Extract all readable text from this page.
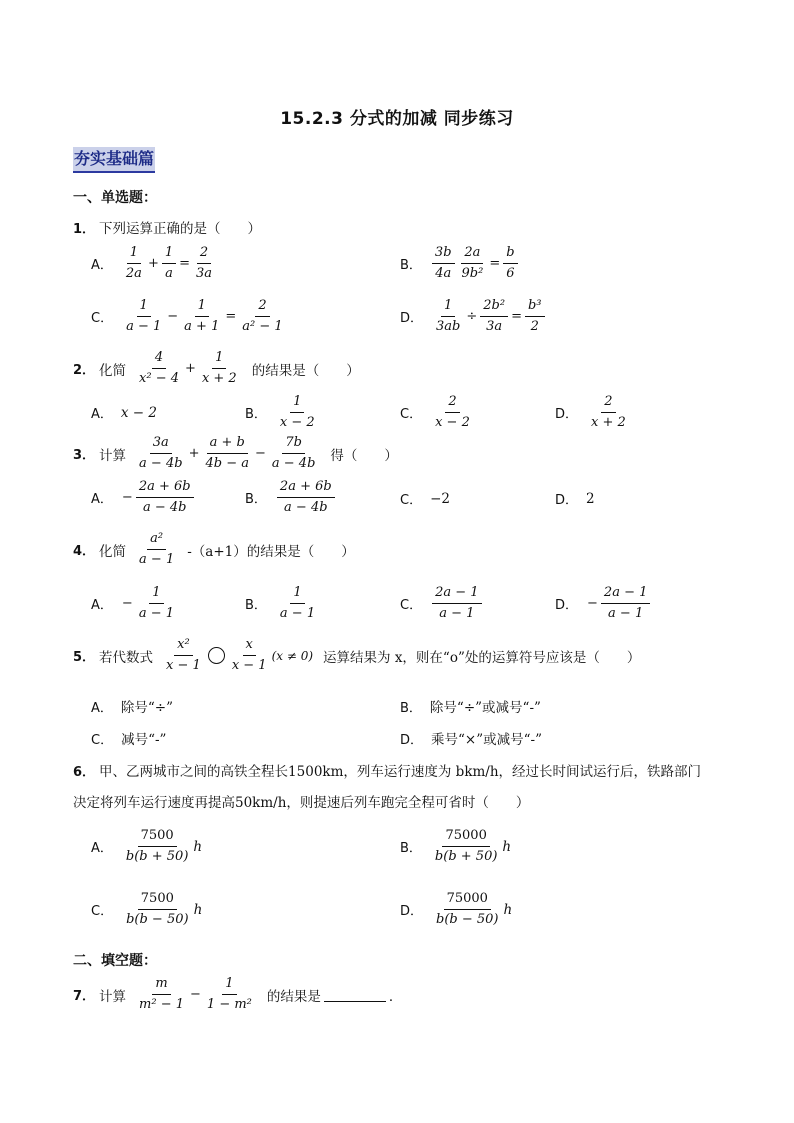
15.2.3 分式的加减 同步练习
夯实基础篇
一、单选题：
1． 下列运算正确的是（　　）
A． $\frac{1}{2a} + \frac{1}{a} = \frac{2}{3a}$	B． $\frac{3b}{4a} \frac{2a}{\text{9b²}} = \frac{b}{6}$
C． $\frac{1}{a - 1} - \frac{1}{a + 1} = \frac{2}{\text{a² − 1}}$	D． $\frac{1}{3ab} \div \frac{\text{2b²}}{3a} = \frac{\text{b³}}{2}$
2． 化简 $\frac{4}{\text{x² − 4}} + \frac{1}{x + 2}$ 的结果是（　　）
A． x − 2	B． $\frac{1}{x - 2}$	C． $\frac{2}{x - 2}$	D． $\frac{2}{x + 2}$
3． 计算 $\frac{3a}{a - 4b} + \frac{a + b}{4b - a} - \frac{7b}{a - 4b}$ 得（　　）
A． − $\frac{2a + 6b}{a - 4b}$	B． $\frac{2a + 6b}{a - 4b}$	C． −2	D． 2
4． 化简 $\frac{\text{a²}}{a - 1} -(a+1)$的结果是（　　）
A． − $\frac{1}{a - 1}$	B． $\frac{1}{a - 1}$	C． $\frac{2a - 1}{a - 1}$	D． − $\frac{2a - 1}{a - 1}$
5． 若代数式 $\frac{\text{x²}}{x - 1} \frac{x}{x - 1} (x \ne 0)$ 运算结果为 x，则在“o”处的运算符号应该是（　　）
A． 除号“÷”	B． 除号“÷”或减号“-”
C． 减号“-”	D． 乘号“×”或减号“-”
6． 甲、乙两城市之间的高铁全程长1500km，列车运行速度为 bkm/h，经过长时间试运行后，铁路部门
决定将列车运行速度再提高50km/h，则提速后列车跑完全程可省时（　　）
A． $\frac{7500}{b(b + 50)}$ h	B． $\frac{75000}{b(b + 50)}$ h
C． $\frac{7500}{b(b - 50)}$ h	D． $\frac{75000}{b(b - 50)}$ h
二、填空题：
7． 计算 $\frac{m}{\text{m² − 1}} - \frac{1}{\text{1 − m²}}$ 的结果是	．
